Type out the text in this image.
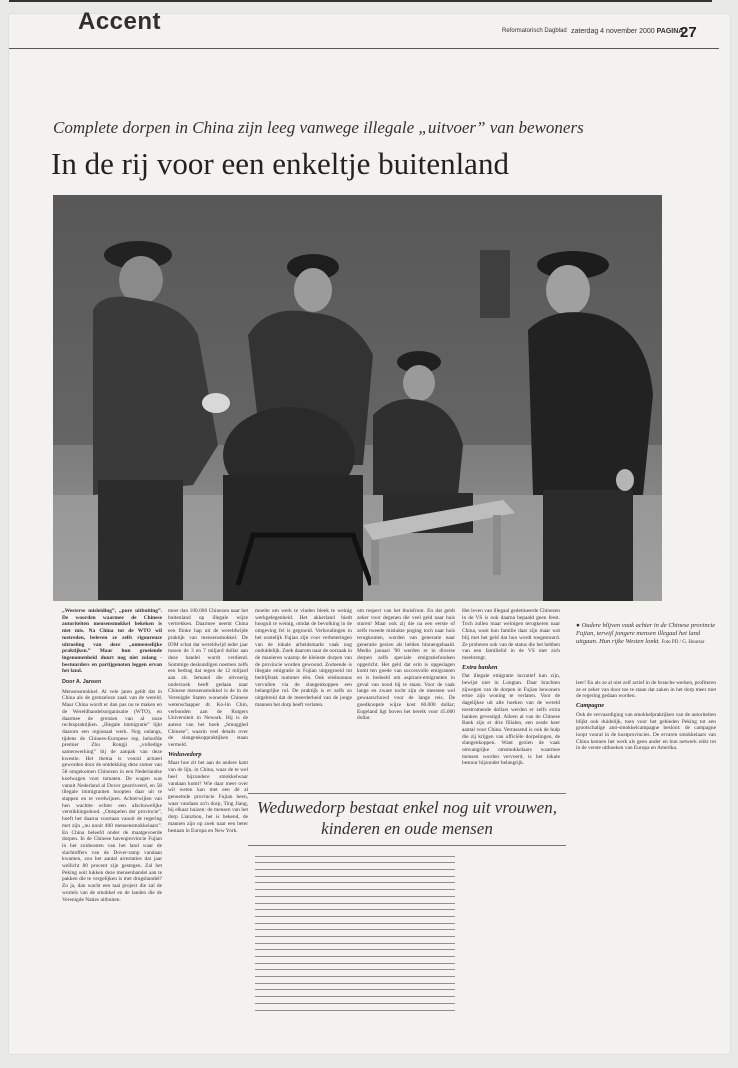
Accent	Reformatorisch Dagblad zaterdag 4 november 2000 PAGINA
27
Complete dorpen in China zijn leeg vanwege illegale „uitvoer” van bewoners
In de rij voor een enkeltje buitenland
„Westerse misleiding”, „pure uitbuiting”. De woorden waarmee de Chinese autoriteiten mensensmokkel bekeken is niet mis. Na China tot de WTO wil toetreden, beleven ze zelfs rigoureuze uitroeiing van deze „onmenselijke praktijken.” Maar hun groeiende ingenomenheid duurt nog niet zolang - bestuurders en partijgenoten leggen ervan het land.
Door A. Jansen
Mensensmokkel. Al vele jaren geldt dat in China als de grenzeloze zaak van de wereld. Maar China wordt er dan pas nu te maken en de Wereldhandelsorganisatie (WTO), en daarmee de grenzen van al onze rechtspraktijken. „Illegale immigratie” lijkt daarom een regionaal werk. Nog onlangs, tijdens de Chinees-Europese top, beloofde premier Zhu Rongji „volledige samenwerking” bij de aanpak van deze kwestie. Het thema is vooral actueel geworden door de ontdekking deze zomer van 58 omgekomen Chinezen in een Nederlandse koelwagen voor tomaten. De wagen was vanuit Nederland al Dover gearriveerd, en 58 illegale immigranten hoopten daar uit te stappen en te verdwijnen. Achterwijlen van hen wachtte echter een afschuwelijke verstikkingsdood. „Ontspelen der provincie”, hoeft het daarna voortaan vanuit de regering met zijn „nu nooit 400 mensensmokkelaars”. En China beleefd onder de maatgevoerde dorpen. In de Chinese havenprovincie Fujian in het zuidoosten van het land waar de slachtoffers van de Dover-ramp vandaan kwamen, zou het aantal arrestaties dat jaar wellicht 80 procent zijn gestegen. Zal het Peking ooit lukken deze mensenhandel aan te pakken die te vergelijken is met drugshandel? Zo ja, dan wacht een taai project die zal de wortels van de smokkel en de landen die de Verenigde Naties uitbuiten.
meer dan 100.000 Chinezen naar het buitenland op illegale wijze vertrekken. Daarmee neemt China een flinke hap uit de wereldwijde praktijk van mensensmokkel. De IOM schat dat wereldwijd ieder jaar tussen de 3 en 7 miljard dollar aan deze handel wordt verdiend. Sommige deskundigen noemen zelfs een bedrag dat tegen de 12 miljard aan zit. Iemand die uitvoerig onderzoek heeft gedaan naar Chinese mensensmokkel is de in de Verenigde Staten wonende Chinese wetenschapper dr. Ko-lin Chin, verbonden aan de Rutgers Universiteit in Newark. Hij is de auteur van het boek „Smuggled Chinese”, waarin veel details over de slangenkoppraktijken staan vermeld.
Weduwedorp
Maar hoe zit het aan de andere kant van de lijn, in China, waar de te wel heel bijzondere smokkelwaar vandaan komt? Wie daar meer over wil weten kan met een dé al genoemde provincie Fujian heen, waar vandaan zo'n dorp, Ting Jiang, bij elkaar huizen: de mensen van het dorp Lianzhou, het is bekend, de mannen zijn op zoek naar een beter bestaan in Europa en New York.
moeite om werk te vinden bleek te weinig werkgelegenheid. Het akkerland biedt hooguit te weinig, omdat de bevolking in de omgeving fel is gegroeid. Verhoudingen in het oostelijk Fujian zijn voor verbeteringen van de lokale arbeidsmarkt vaak nog onduidelijk. Zoek daarom naar de oorzaak in de manieren waarop de kleinste dorpen van de provincie worden gewoond. Zodoende is illegale emigratie in Fujian uitgegroeid tot bedrijfstak nummer één. Ook reisbureaus vervullen via de slangenkoppen een belangrijke rol. De praktijk is er zelfs zo uitgebreid dat de meerderheid van de jonge mannen het dorp heeft verlaten.
om respect van het thuisfront. En dat geldt zeker voor degenen die veel geld naar huis sturen! Maar ook zij die na een eerste of zelfs tweede mislukte poging toch naar huis terugkomen, worden van generatie naar generatie gezien als helden binnengehaald. Medio januari '90 werden er in diverse dorpen zelfs speciale emigratiefondsen opgericht. Het geld dat erin is opgeslagen komt ten goede van succesvolle emigranten en is bedoeld om aspirant-emigranten in geval van nood bij te staan. Voor de vaak lange en zware tocht zijn de meesten wel gewaarschuwd voor de lange reis. De goedkoopste wijze kost 60.000 dollar; Engeland ligt boven het bereik voor 45.000 dollar.
Het leven van illegaal gedetineerde Chinezen in de VS is ook daarna bepaald geen feest. Toch zullen maar weinigen terugkeren naar China, want hun familie daar zijn maar wat blij met het geld dat hun wordt toegestuurd. Ze proberen ook van de status die het hebben van een familielid in de VS met zich meebrengt.
Extra banken
Dat illegale emigratie lucratief kan zijn, bewijst niet in Longtan. Daar brachten zijwegen van de dorpen in Fujian bewoners ertoe zijn woning te verlaten. Voor de dagelijkse uit alle hoeken van de wereld toestromende dollars werden er zelfs extra banken gevestigd. Alleen al van de Chinese Bank zijn er drie filialen, een zesde keer aantal voor China. Verrassend is ook de hulp die zij krijgen van officiële dorpelingen, de slangenkoppen. Want gezien de vaak omvangrijke omsmokkelaars waarmee mensen worden vervoerd, is het lokale bestuur bijzonder belangrijk.
● Oudere blijven vaak achter in de Chinese provincie Fujian, terwijl jongere mensen illegaal het land uitgaan. Hun rijke Westen lonkt. Foto PD / G. Hoursar
leer! En als ze al niet zelf actief in de branche werken, profiteren ze er zeker van door toe te staan dat zaken in het dorp meer met de regering gedaan worden.
Campagne
Ook de vervaardiging van smokkelpraktijken van de autoriteiten blijkt ook duidelijk, toen voor het gebieden Peking tot een grootschalige anti-smokkelcampagne besloot: de campagne loopt vooral in de kustprovincies. De ervaren smokkelaars van China kennen het werk als geen ander en hun netwerk reikt tot in de verste uithoeken van Europa en Amerika.
Weduwedorp bestaat enkel nog uit vrouwen, kinderen en oude mensen
